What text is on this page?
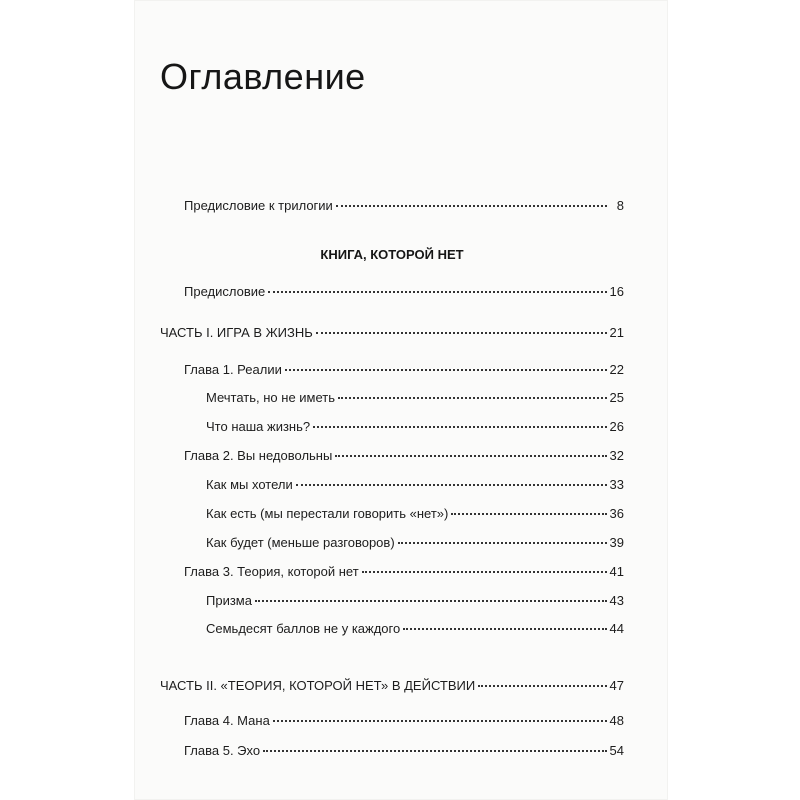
Оглавление
Предисловие к трилогии	8
КНИГА, КОТОРОЙ НЕТ
Предисловие	16
ЧАСТЬ I. ИГРА В ЖИЗНЬ	21
Глава 1. Реалии	22
Мечтать, но не иметь	25
Что наша жизнь?	26
Глава 2. Вы недовольны	32
Как мы хотели	33
Как есть (мы перестали говорить «нет»)	36
Как будет (меньше разговоров)	39
Глава 3. Теория, которой нет	41
Призма	43
Семьдесят баллов не у каждого	44
ЧАСТЬ II. «ТЕОРИЯ, КОТОРОЙ НЕТ» В ДЕЙСТВИИ	47
Глава 4. Мана	48
Глава 5. Эхо	54
